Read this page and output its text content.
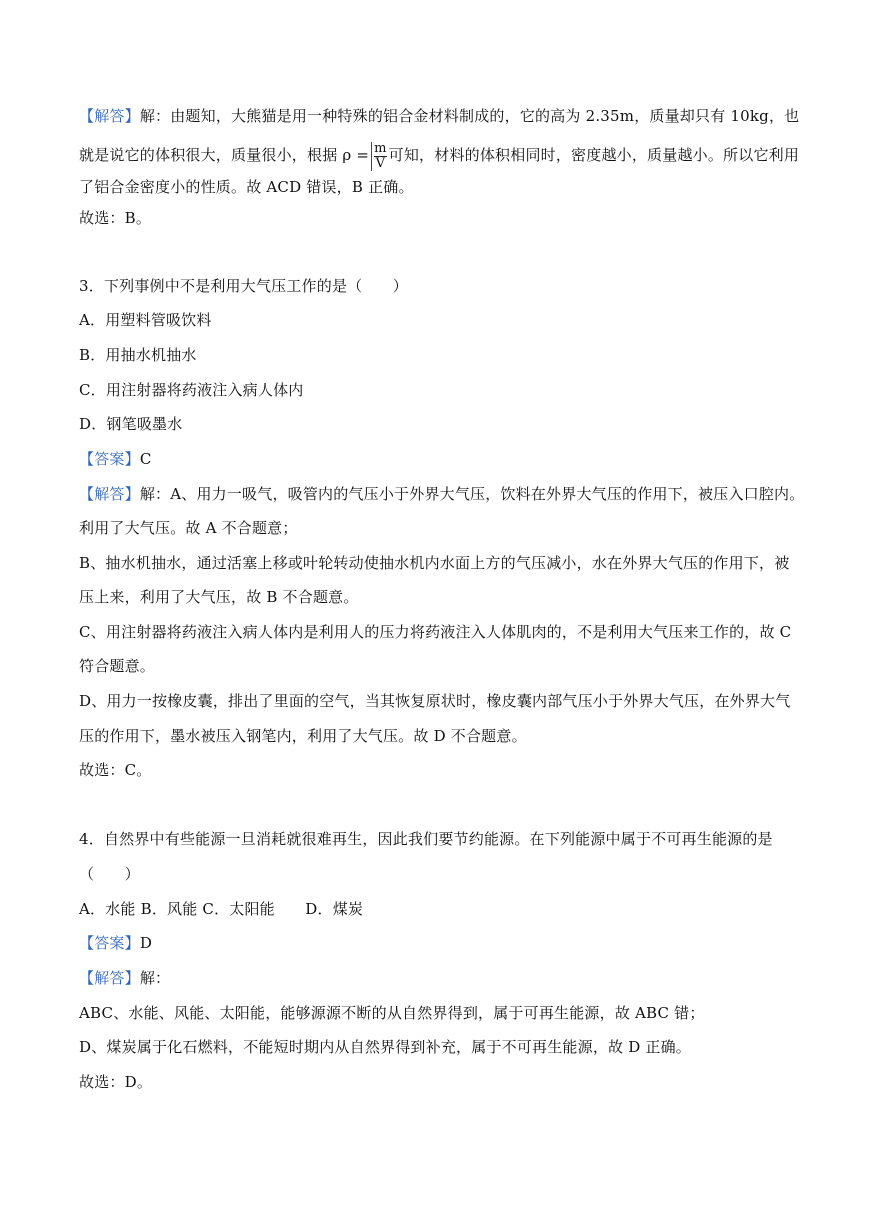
【解答】解：由题知，大熊猫是用一种特殊的铝合金材料制成的，它的高为 2.35m，质量却只有 10kg，也
就是说它的体积很大，质量很小，根据 $\rho = \frac{m}{V}$ 可知，材料的体积相同时，密度越小，质量越小。所以它利用
了铝合金密度小的性质。故 ACD 错误，B 正确。
故选：B。
3．下列事例中不是利用大气压工作的是（　　）
A．用塑料管吸饮料
B．用抽水机抽水
C．用注射器将药液注入病人体内
D．钢笔吸墨水
【答案】C
【解答】解：A、用力一吸气，吸管内的气压小于外界大气压，饮料在外界大气压的作用下，被压入口腔内。
利用了大气压。故 A 不合题意；
B、抽水机抽水，通过活塞上移或叶轮转动使抽水机内水面上方的气压减小，水在外界大气压的作用下，被
压上来，利用了大气压，故 B 不合题意。
C、用注射器将药液注入病人体内是利用人的压力将药液注入人体肌肉的，不是利用大气压来工作的，故 C
符合题意。
D、用力一按橡皮囊，排出了里面的空气，当其恢复原状时，橡皮囊内部气压小于外界大气压，在外界大气
压的作用下，墨水被压入钢笔内，利用了大气压。故 D 不合题意。
故选：C。
4．自然界中有些能源一旦消耗就很难再生，因此我们要节约能源。在下列能源中属于不可再生能源的是
（　　）
A．水能 B．风能 C．太阳能　　D．煤炭
【答案】D
【解答】解：
ABC、水能、风能、太阳能，能够源源不断的从自然界得到，属于可再生能源，故 ABC 错；
D、煤炭属于化石燃料，不能短时期内从自然界得到补充，属于不可再生能源，故 D 正确。
故选：D。
